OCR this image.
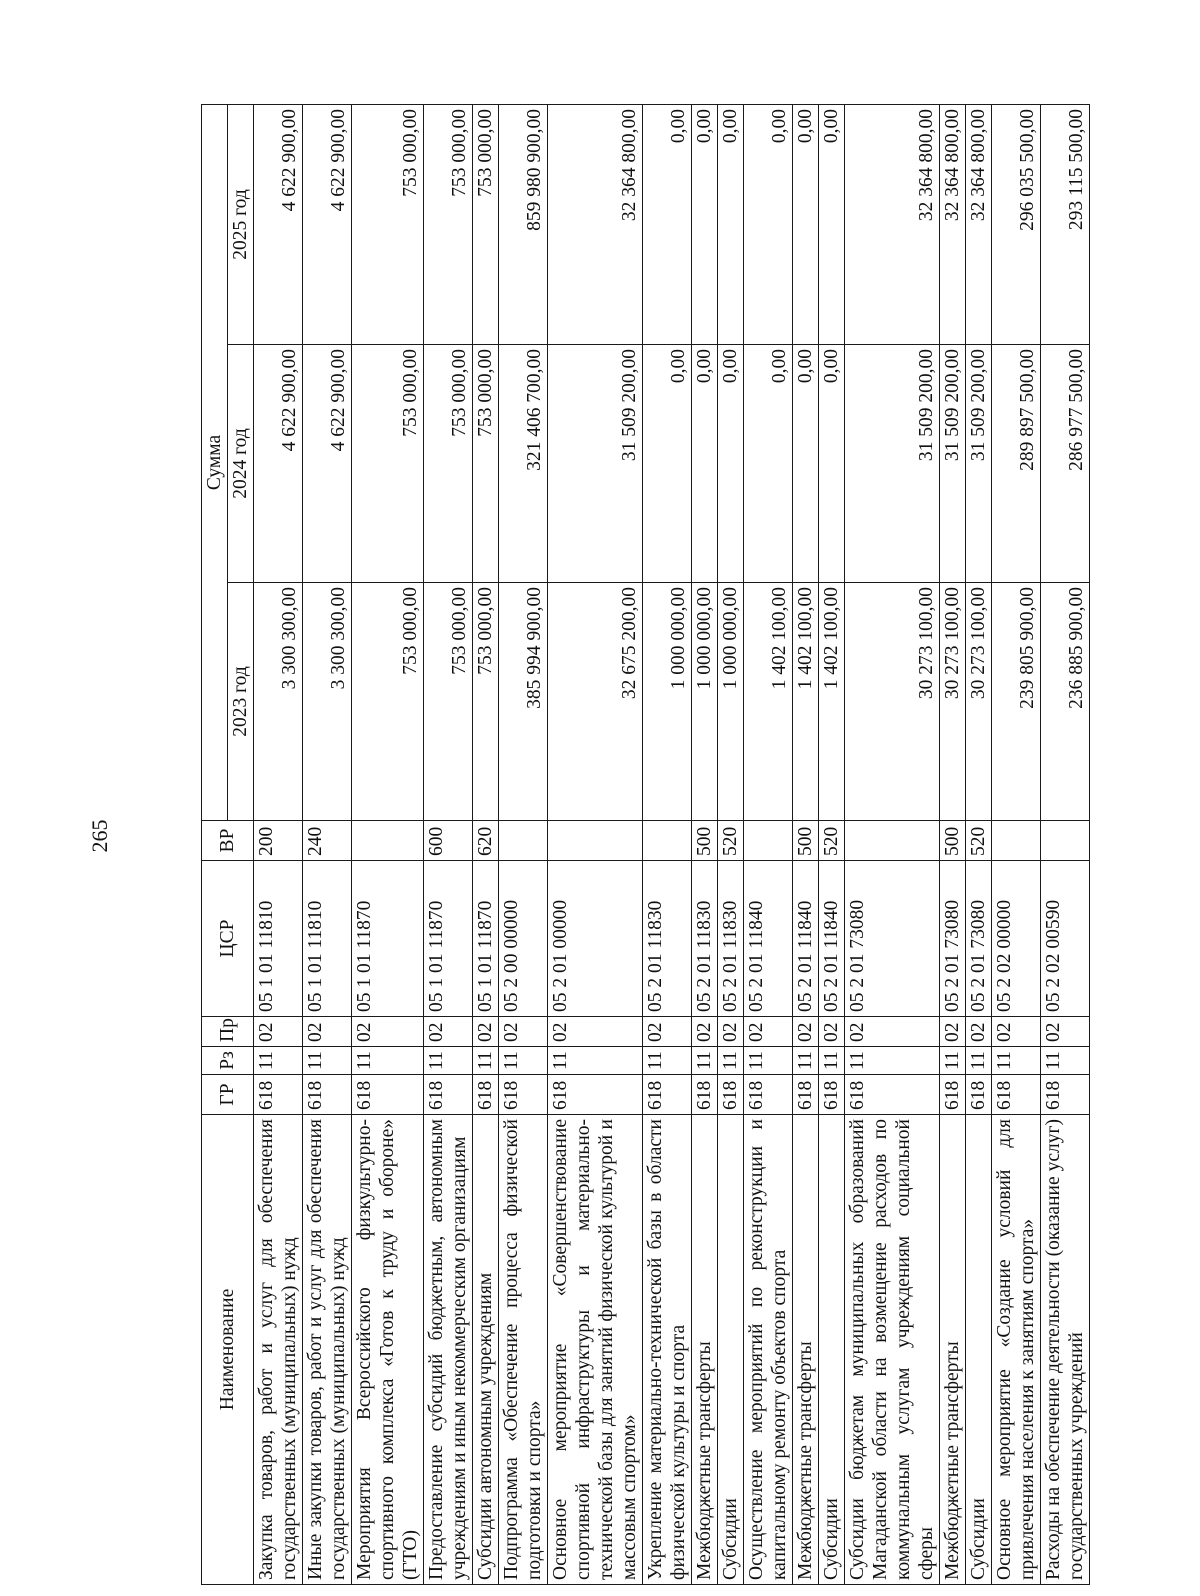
265
Наименование	ГР	Рз	Пр	ЦСР	ВР	Сумма		
						2023 год	2024 год	2025 год
Закупка товаров, работ и услуг для обеспечения государственных (муниципальных) нужд	618	11	02	05 1 01 11810	200	3 300 300,00	4 622 900,00	4 622 900,00
Иные закупки товаров, работ и услуг для обеспечения государственных (муниципальных) нужд	618	11	02	05 1 01 11810	240	3 300 300,00	4 622 900,00	4 622 900,00
Мероприятия Всероссийского физкультурно-спортивного комплекса «Готов к труду и обороне» (ГТО)	618	11	02	05 1 01 11870		753 000,00	753 000,00	753 000,00
Предоставление субсидий бюджетным, автономным учреждениям и иным некоммерческим организациям	618	11	02	05 1 01 11870	600	753 000,00	753 000,00	753 000,00
Субсидии автономным учреждениям	618	11	02	05 1 01 11870	620	753 000,00	753 000,00	753 000,00
Подпрограмма «Обеспечение процесса физической подготовки и спорта»	618	11	02	05 2 00 00000		385 994 900,00	321 406 700,00	859 980 900,00
Основное мероприятие «Совершенствование спортивной инфраструктуры и материально-технической базы для занятий физической культурой и массовым спортом»	618	11	02	05 2 01 00000		32 675 200,00	31 509 200,00	32 364 800,00
Укрепление материально-технической базы в области физической культуры и спорта	618	11	02	05 2 01 11830		1 000 000,00	0,00	0,00
Межбюджетные трансферты	618	11	02	05 2 01 11830	500	1 000 000,00	0,00	0,00
Субсидии	618	11	02	05 2 01 11830	520	1 000 000,00	0,00	0,00
Осуществление мероприятий по реконструкции и капитальному ремонту объектов спорта	618	11	02	05 2 01 11840		1 402 100,00	0,00	0,00
Межбюджетные трансферты	618	11	02	05 2 01 11840	500	1 402 100,00	0,00	0,00
Субсидии	618	11	02	05 2 01 11840	520	1 402 100,00	0,00	0,00
Субсидии бюджетам муниципальных образований Магаданской области на возмещение расходов по коммунальным услугам учреждениям социальной сферы	618	11	02	05 2 01 73080		30 273 100,00	31 509 200,00	32 364 800,00
Межбюджетные трансферты	618	11	02	05 2 01 73080	500	30 273 100,00	31 509 200,00	32 364 800,00
Субсидии	618	11	02	05 2 01 73080	520	30 273 100,00	31 509 200,00	32 364 800,00
Основное мероприятие «Создание условий для привлечения населения к занятиям спорта»	618	11	02	05 2 02 00000		239 805 900,00	289 897 500,00	296 035 500,00
Расходы на обеспечение деятельности (оказание услуг) государственных учреждений	618	11	02	05 2 02 00590		236 885 900,00	286 977 500,00	293 115 500,00
